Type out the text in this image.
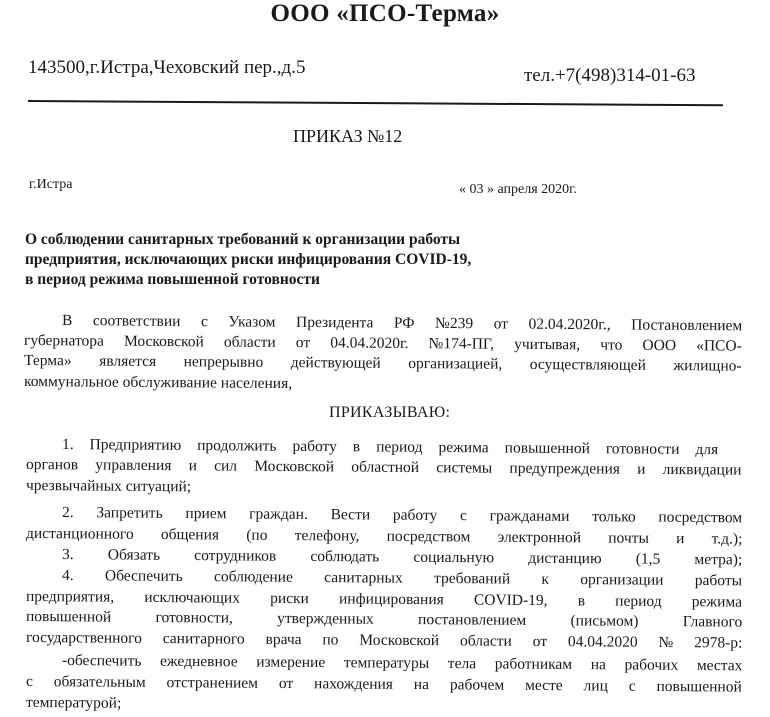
ООО «ПСО-Терма»
143500,г.Истра,Чеховский пер.,д.5	тел.+7(498)314-01-63
ПРИКАЗ №12
г.Истра	« 03 » апреля 2020г.
О соблюдении санитарных требований к организации работы
предприятия, исключающих риски инфицирования COVID-19,
в период режима повышенной готовности
В соответствии с Указом Президента РФ №239 от 02.04.2020г., Постановлением
губернатора Московской области от 04.04.2020г. №174-ПГ, учитывая, что ООО «ПСО-
Терма» является непрерывно действующей организацией, осуществляющей жилищно-
коммунальное обслуживание населения,
ПРИКАЗЫВАЮ:
1. Предприятию продолжить работу в период режима повышенной готовности для
органов управления и сил Московской областной системы предупреждения и ликвидации
чрезвычайных ситуаций;
2. Запретить прием граждан. Вести работу с гражданами только посредством
дистанционного общения (по телефону, посредством электронной почты и т.д.);
3. Обязать сотрудников соблюдать социальную дистанцию (1,5 метра);
4. Обеспечить соблюдение санитарных требований к организации работы
предприятия, исключающих риски инфицирования COVID-19, в период режима
повышенной готовности, утвержденных постановлением (письмом) Главного
государственного санитарного врача по Московской области от 04.04.2020 № 2978-р:
-обеспечить ежедневное измерение температуры тела работникам на рабочих местах
с обязательным отстранением от нахождения на рабочем месте лиц с повышенной
температурой;
